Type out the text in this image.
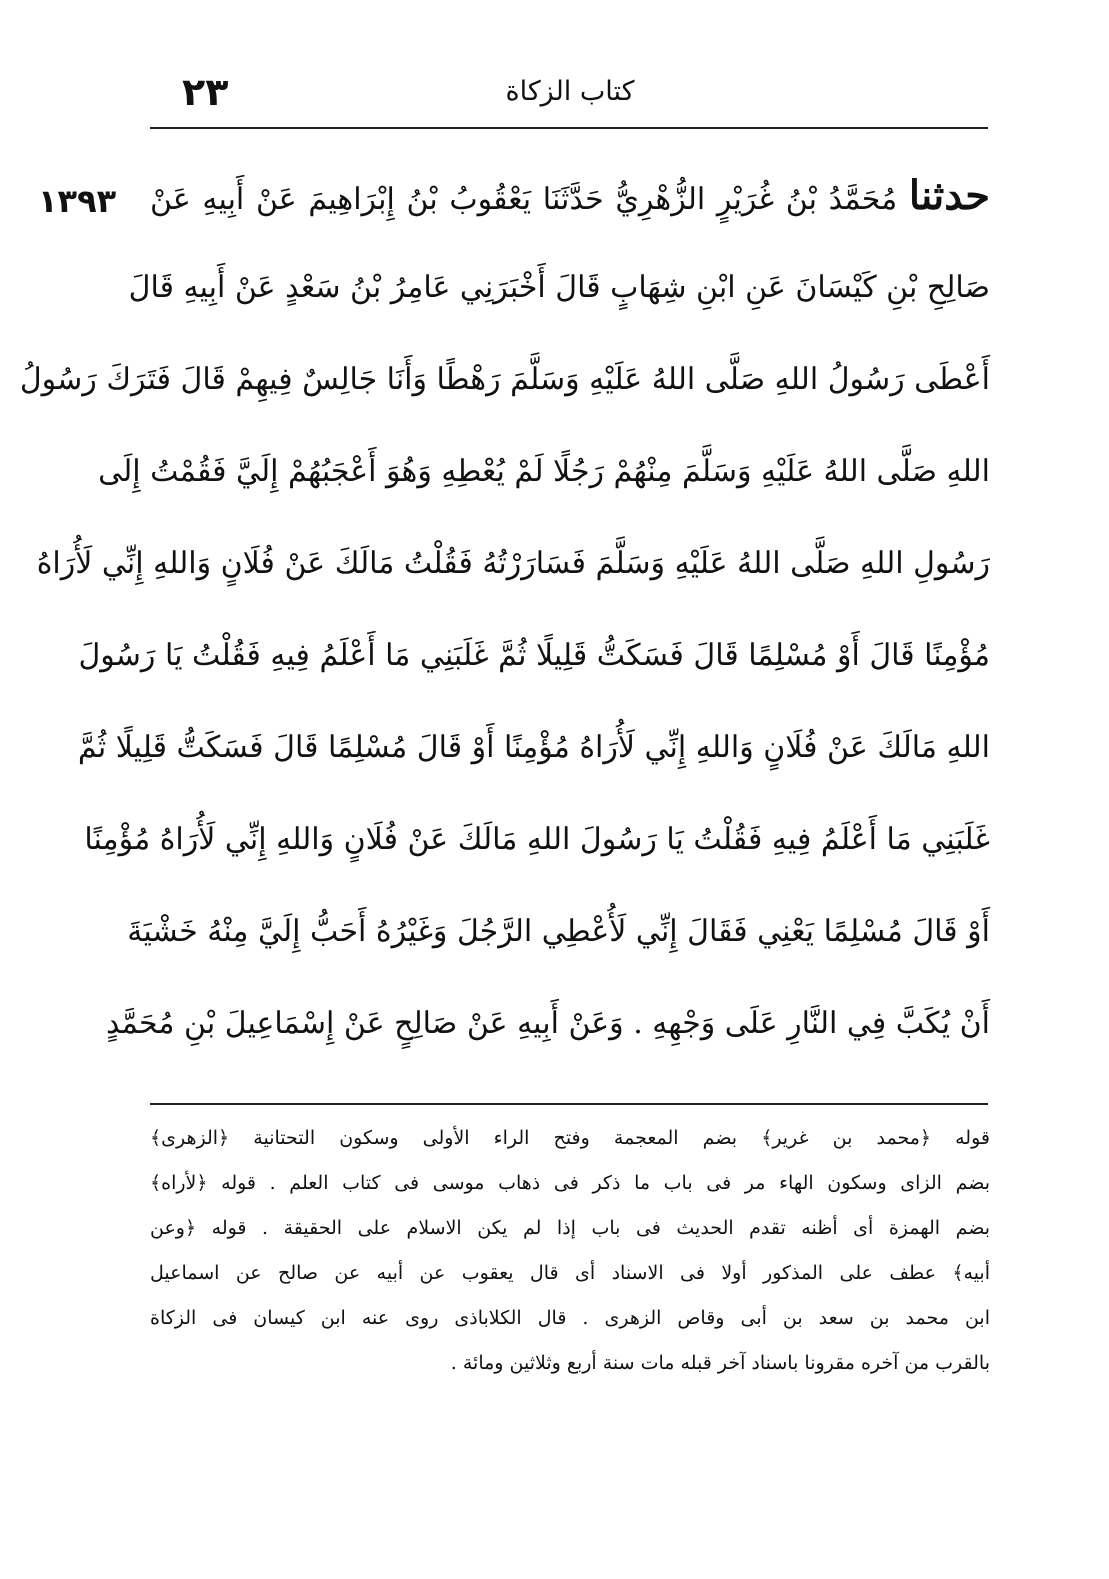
٢٣	كتاب الزكاة
١٣٩٣	حدثنا مُحَمَّدُ بْنُ غُرَيْرٍ الزُّهْرِيُّ حَدَّثَنَا يَعْقُوبُ بْنُ إِبْرَاهِيمَ عَنْ أَبِيهِ عَنْ
صَالِحِ بْنِ كَيْسَانَ عَنِ ابْنِ شِهَابٍ قَالَ أَخْبَرَنِي عَامِرُ بْنُ سَعْدٍ عَنْ أَبِيهِ قَالَ
أَعْطَى رَسُولُ اللهِ صَلَّى اللهُ عَلَيْهِ وَسَلَّمَ رَهْطًا وَأَنَا جَالِسٌ فِيهِمْ قَالَ فَتَرَكَ رَسُولُ
اللهِ صَلَّى اللهُ عَلَيْهِ وَسَلَّمَ مِنْهُمْ رَجُلًا لَمْ يُعْطِهِ وَهُوَ أَعْجَبُهُمْ إِلَيَّ فَقُمْتُ إِلَى
رَسُولِ اللهِ صَلَّى اللهُ عَلَيْهِ وَسَلَّمَ فَسَارَرْتُهُ فَقُلْتُ مَالَكَ عَنْ فُلَانٍ وَاللهِ إِنِّي لَأُرَاهُ
مُؤْمِنًا قَالَ أَوْ مُسْلِمًا قَالَ فَسَكَتُّ قَلِيلًا ثُمَّ غَلَبَنِي مَا أَعْلَمُ فِيهِ فَقُلْتُ يَا رَسُولَ
اللهِ مَالَكَ عَنْ فُلَانٍ وَاللهِ إِنِّي لَأُرَاهُ مُؤْمِنًا أَوْ قَالَ مُسْلِمًا قَالَ فَسَكَتُّ قَلِيلًا ثُمَّ
غَلَبَنِي مَا أَعْلَمُ فِيهِ فَقُلْتُ يَا رَسُولَ اللهِ مَالَكَ عَنْ فُلَانٍ وَاللهِ إِنِّي لَأُرَاهُ مُؤْمِنًا
أَوْ قَالَ مُسْلِمًا يَعْنِي فَقَالَ إِنِّي لَأُعْطِي الرَّجُلَ وَغَيْرُهُ أَحَبُّ إِلَيَّ مِنْهُ خَشْيَةَ
أَنْ يُكَبَّ فِي النَّارِ عَلَى وَجْهِهِ . وَعَنْ أَبِيهِ عَنْ صَالِحٍ عَنْ إِسْمَاعِيلَ بْنِ مُحَمَّدٍ
قوله ﴿محمد بن غرير﴾ بضم المعجمة وفتح الراء الأولى وسكون التحتانية ﴿الزهرى﴾
بضم الزاى وسكون الهاء مر فى باب ما ذكر فى ذهاب موسى فى كتاب العلم . قوله ﴿لأراه﴾
بضم الهمزة أى أظنه تقدم الحديث فى باب إذا لم يكن الاسلام على الحقيقة . قوله ﴿وعن
أبيه﴾ عطف على المذكور أولا فى الاسناد أى قال يعقوب عن أبيه عن صالح عن اسماعيل
ابن محمد بن سعد بن أبى وقاص الزهرى . قال الكلاباذى روى عنه ابن كيسان فى الزكاة
بالقرب من آخره مقرونا باسناد آخر قبله مات سنة أربع وثلاثين ومائة .
